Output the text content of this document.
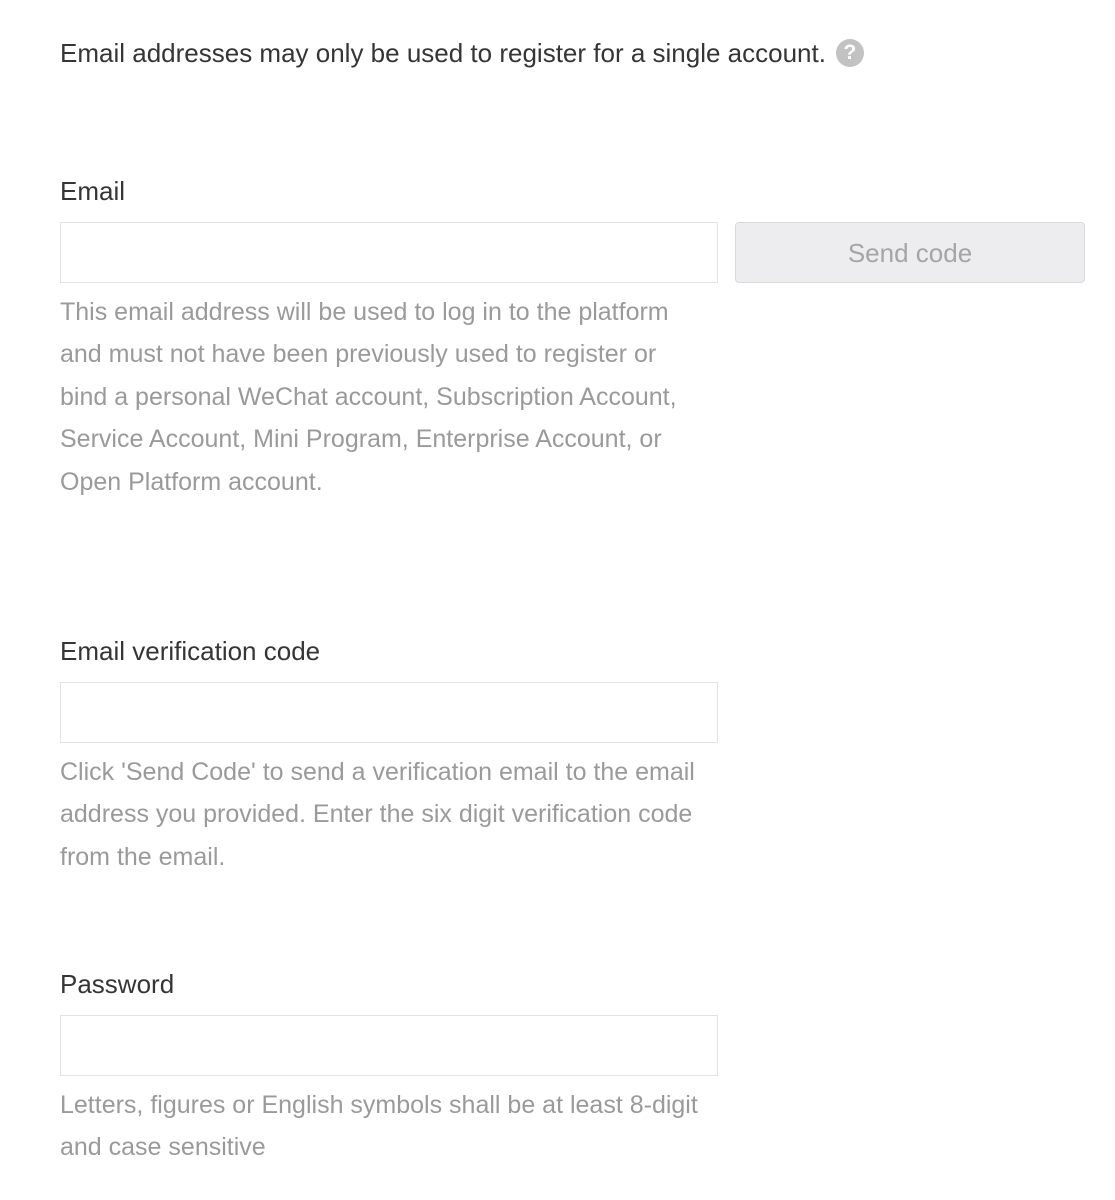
Email addresses may only be used to register for a single account. ?

Email

This email address will be used to log in to the platform and must not have been previously used to register or bind a personal WeChat account, Subscription Account, Service Account, Mini Program, Enterprise Account, or Open Platform account.

Send code

Email verification code

Click 'Send Code' to send a verification email to the email address you provided. Enter the six digit verification code from the email.

Password

Letters, figures or English symbols shall be at least 8-digit and case sensitive
